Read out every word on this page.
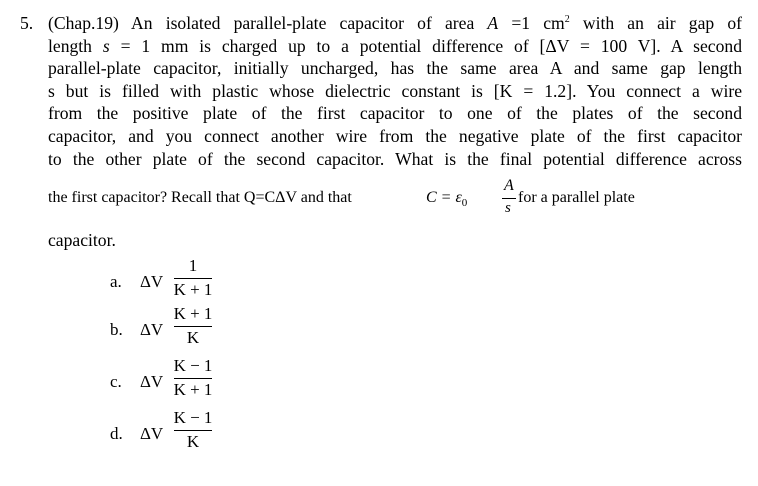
5. (Chap.19) An isolated parallel-plate capacitor of area A =1 $cm^2$ with an air gap of

length s = 1 mm is charged up to a potential difference of [ΔV = 100 V]. A second

parallel-plate capacitor, initially uncharged, has the same area A and same gap length

s but is filled with plastic whose dielectric constant is [K = 1.2]. You connect a wire

from the positive plate of the first capacitor to one of the plates of the second

capacitor, and you connect another wire from the negative plate of the first capacitor

to the other plate of the second capacitor. What is the final potential difference across

the first capacitor? Recall that Q=CΔV and that	$C = \varepsilon_0$
A
s
for a parallel plate
capacitor.
a. ΔV
1
K + 1
b. ΔV
K + 1
K
c. ΔV
K − 1
K + 1
d. ΔV
K − 1
K
